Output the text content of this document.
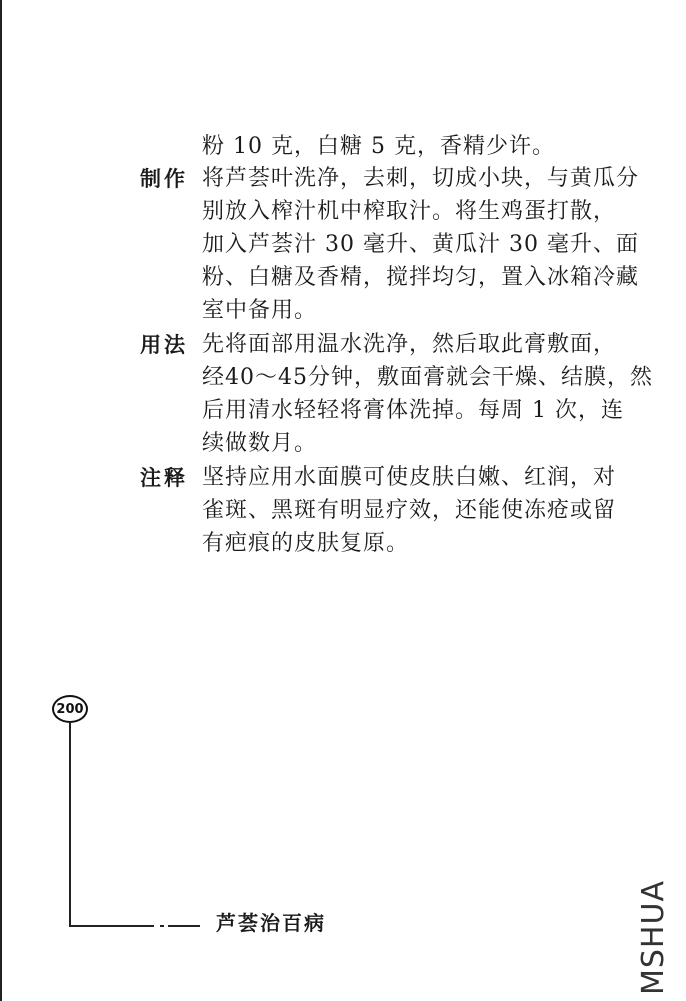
粉 10 克，白糖 5 克，香精少许。
制作 将芦荟叶洗净，去刺，切成小块，与黄瓜分
别放入榨汁机中榨取汁。将生鸡蛋打散，
加入芦荟汁 30 毫升、黄瓜汁 30 毫升、面
粉、白糖及香精，搅拌均匀，置入冰箱冷藏
室中备用。
用法 先将面部用温水洗净，然后取此膏敷面，
经40～45分钟，敷面膏就会干燥、结膜，然
后用清水轻轻将膏体洗掉。每周 1 次，连
续做数月。
注释 坚持应用水面膜可使皮肤白嫩、红润，对
雀斑、黑斑有明显疗效，还能使冻疮或留
有疤痕的皮肤复原。
200
芦荟治百病	MSHUA
